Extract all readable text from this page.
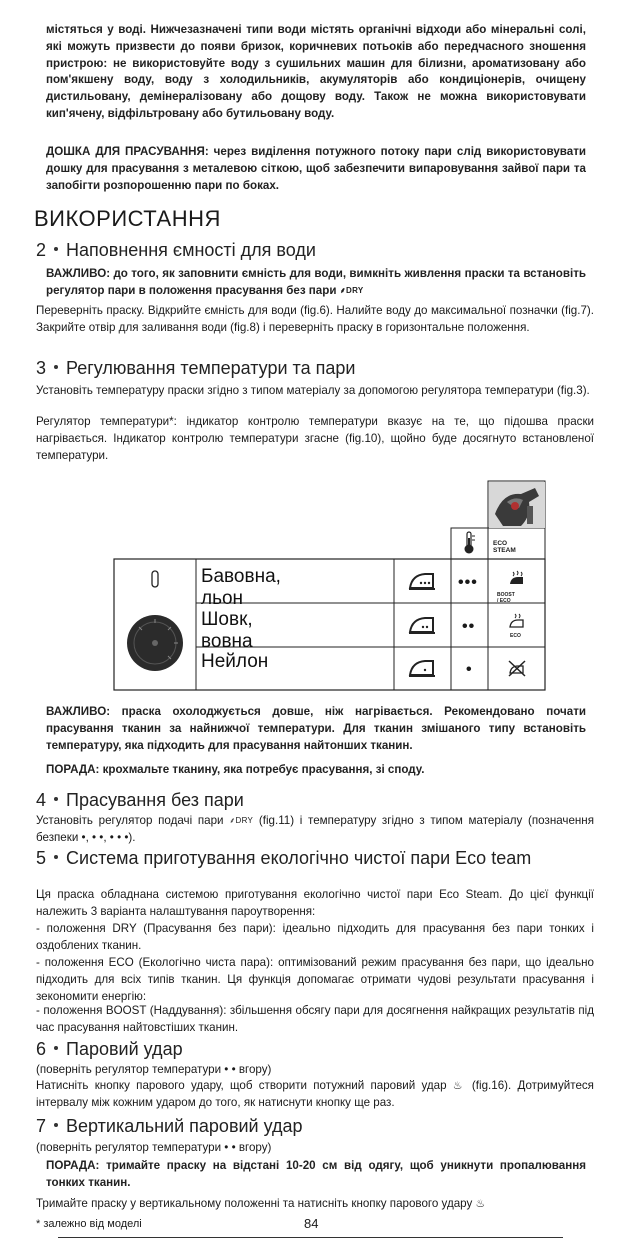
містяться у воді. Нижчезазначені типи води містять органічні відходи або мінеральні солі, які можуть призвести до появи бризок, коричневих потьоків або передчасного зношення пристрою: не використовуйте воду з сушильних машин для білизни, ароматизовану або пом'якшену воду, воду з холодильників, акумуляторів або кондиціонерів, очищену дистильовану, демінералізовану або дощову воду. Також не можна використовувати кип'ячену, відфільтровану або бутильовану воду.

ДОШКА ДЛЯ ПРАСУВАННЯ: через виділення потужного потоку пари слід використовувати дошку для прасування з металевою сіткою, щоб забезпечити випаровування зайвої пари та запобігти розпорошенню пари по боках.

ВИКОРИСТАННЯ
2 Наповнення ємності для води

ВАЖЛИВО: до того, як заповнити ємність для води, вимкніть живлення праски та встановіть регулятор пари в положення прасування без пари ⸙DRY

Переверніть праску. Відкрийте ємність для води (fig.6). Налийте воду до максимальної позначки (fig.7). Закрийте отвір для заливання води (fig.8) і переверніть праску в горизонтальне положення.

3 Регулювання температури та пари

Установіть температуру праски згідно з типом матеріалу за допомогою регулятора температури (fig.3).

Регулятор температури*: індикатор контролю температури вказує на те, що підошва праски нагрівається. Індикатор контролю температури згасне (fig.10), щойно буде досягнуто встановленої температури.

ECO STEAM
Бавовна, льон
Шовк, вовна
Нейлон
•••
••
•
BOOST / ECO
ECO

ВАЖЛИВО: праска охолоджується довше, ніж нагрівається. Рекомендовано почати прасування тканин за найнижчої температури. Для тканин змішаного типу встановіть температуру, яка підходить для прасування найтонших тканин.

ПОРАДА: крохмальте тканину, яка потребує прасування, зі споду.

4 Прасування без пари

Установіть регулятор подачі пари ⸙DRY (fig.11) і температуру згідно з типом матеріалу (позначення безпеки •, • •, • • •).

5 Система приготування екологічно чистої пари Eco team

Ця праска обладнана системою приготування екологічно чистої пари Eco Steam. До цієї функції належить 3 варіанта налаштування пароутворення:

- положення DRY (Прасування без пари): ідеально підходить для прасування без пари тонких і оздоблених тканин.

- положення ECO (Екологічно чиста пара): оптимізований режим прасування без пари, що ідеально підходить для всіх типів тканин. Ця функція допомагає отримати чудові результати прасування і зекономити енергію:

- положення BOOST (Наддування): збільшення обсягу пари для досягнення найкращих результатів під час прасування найтовстіших тканин.

6 Паровий удар

(поверніть регулятор температури • • вгору)

Натисніть кнопку парового удару, щоб створити потужний паровий удар ♨ (fig.16). Дотримуйтеся інтервалу між кожним ударом до того, як натиснути кнопку ще раз.

7 Вертикальний паровий удар

(поверніть регулятор температури • • вгору)

ПОРАДА: тримайте праску на відстані 10-20 см від одягу, щоб уникнути пропалювання тонких тканин.

Тримайте праску у вертикальному положенні та натисніть кнопку парового удару ♨

* залежно від моделі	84
